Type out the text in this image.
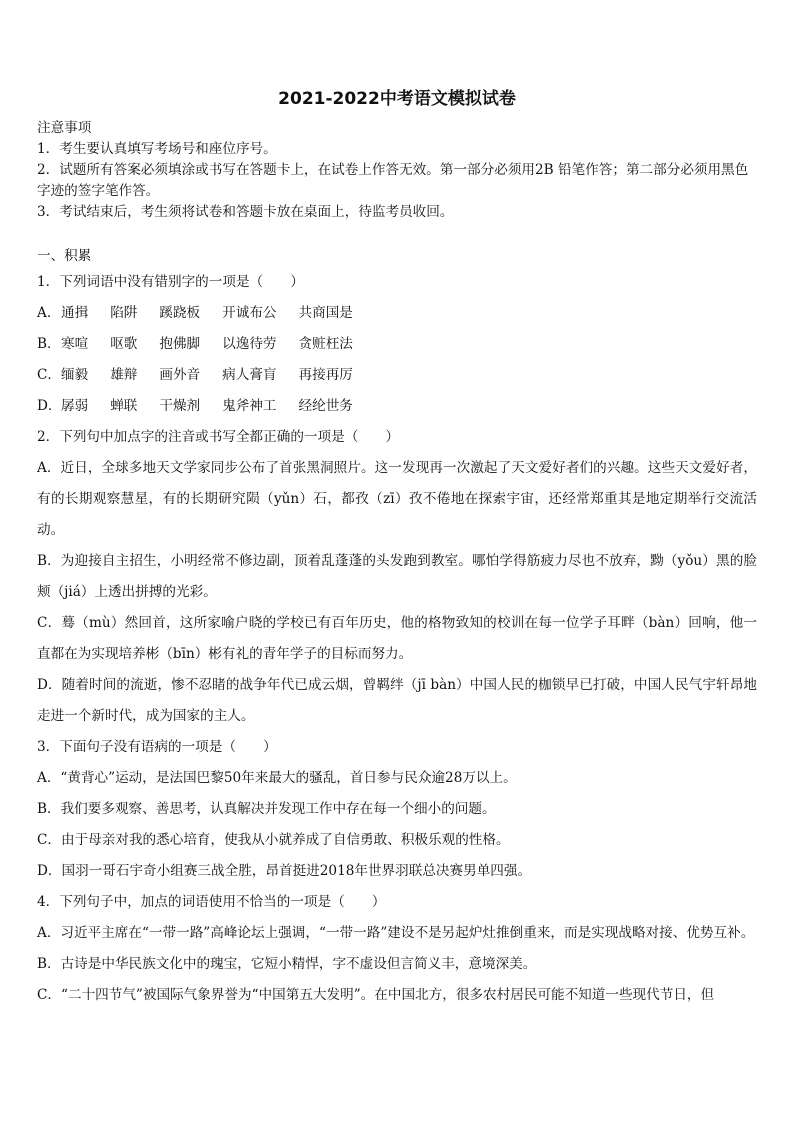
2021-2022中考语文模拟试卷
注意事项
1．考生要认真填写考场号和座位序号。
2．试题所有答案必须填涂或书写在答题卡上，在试卷上作答无效。第一部分必须用2B 铅笔作答；第二部分必须用黑色字迹的签字笔作答。
3．考试结束后，考生须将试卷和答题卡放在桌面上，待监考员收回。
一、积累
1．下列词语中没有错别字的一项是（　　）
A． 通揖 陷阱 蹊跷板 开诚布公 共商国是
B． 寒喧 呕歌 抱佛脚 以逸待劳 贪赃枉法
C． 缅毅 雄辩 画外音 病人膏肓 再接再厉
D． 孱弱 蝉联 干燥剂 鬼斧神工 经纶世务
2．下列句中加点字的注音或书写全都正确的一项是（　　）
A．近日，全球多地天文学家同步公布了首张黑洞照片。这一发现再一次激起了天文爱好者们的兴趣。这些天文爱好者，有的长期观察慧星，有的长期研究陨（yǔn）石，都孜（zī）孜不倦地在探索宇宙，还经常郑重其是地定期举行交流活动。
B．为迎接自主招生，小明经常不修边副，顶着乱蓬蓬的头发跑到教室。哪怕学得筋疲力尽也不放弃，黝（yǒu）黑的脸颊（jiá）上透出拼搏的光彩。
C．蓦（mù）然回首，这所家喻户晓的学校已有百年历史，他的格物致知的校训在每一位学子耳畔（bàn）回响，他一直都在为实现培养彬（bīn）彬有礼的青年学子的目标而努力。
D．随着时间的流逝，惨不忍睹的战争年代已成云烟，曾羁绊（jī bàn）中国人民的枷锁早已打破，中国人民气宇轩昂地走进一个新时代，成为国家的主人。
3．下面句子没有语病的一项是（　　）
A．“黄背心”运动，是法国巴黎50年来最大的骚乱，首日参与民众逾28万以上。
B．我们要多观察、善思考，认真解决并发现工作中存在每一个细小的问题。
C．由于母亲对我的悉心培育，使我从小就养成了自信勇敢、积极乐观的性格。
D．国羽一哥石宇奇小组赛三战全胜，昂首挺进2018年世界羽联总决赛男单四强。
4．下列句子中，加点的词语使用不恰当的一项是（　　）
A．习近平主席在“一带一路”高峰论坛上强调，“一带一路”建设不是另起炉灶推倒重来，而是实现战略对接、优势互补。
B．古诗是中华民族文化中的瑰宝，它短小精悍，字不虚设但言简义丰，意境深美。
C．“二十四节气”被国际气象界誉为“中国第五大发明”。在中国北方，很多农村居民可能不知道一些现代节日，但
